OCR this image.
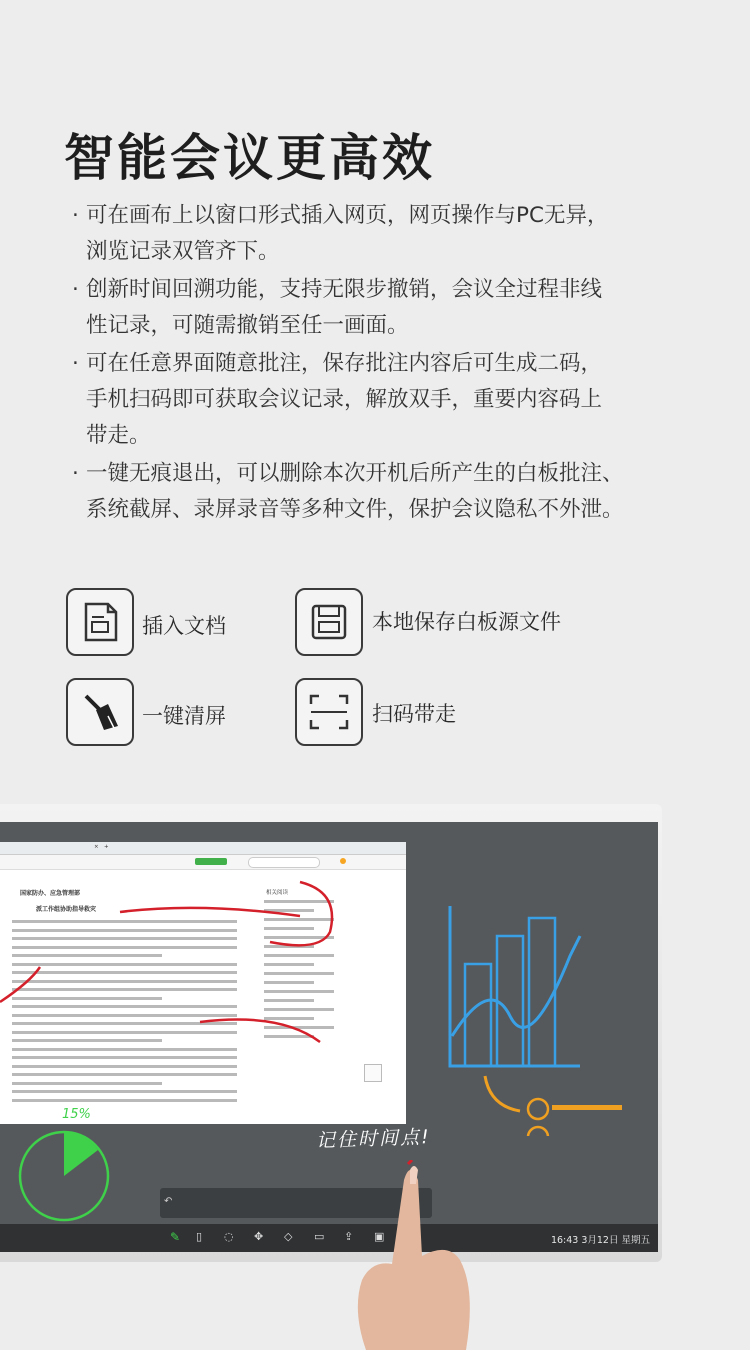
智能会议更高效
· 可在画布上以窗口形式插入网页，网页操作与PC无异，
浏览记录双管齐下。
· 创新时间回溯功能，支持无限步撤销，会议全过程非线
性记录，可随需撤销至任一画面。
· 可在任意界面随意批注，保存批注内容后可生成二码，
手机扫码即可获取会议记录，解放双手，重要内容码上
带走。
· 一键无痕退出，可以删除本次开机后所产生的白板批注、
系统截屏、录屏录音等多种文件，保护会议隐私不外泄。
插入文档	本地保存白板源文件
一键清屏	扫码带走
× +
国家防办、应急管理部
派工作组协助指导救灾
相关阅读
15%
↶
✎ ▯ ◌ ✥ ◇ ▭ ⇪ ▣	16:43 3月12日 星期五
记住时间点!
